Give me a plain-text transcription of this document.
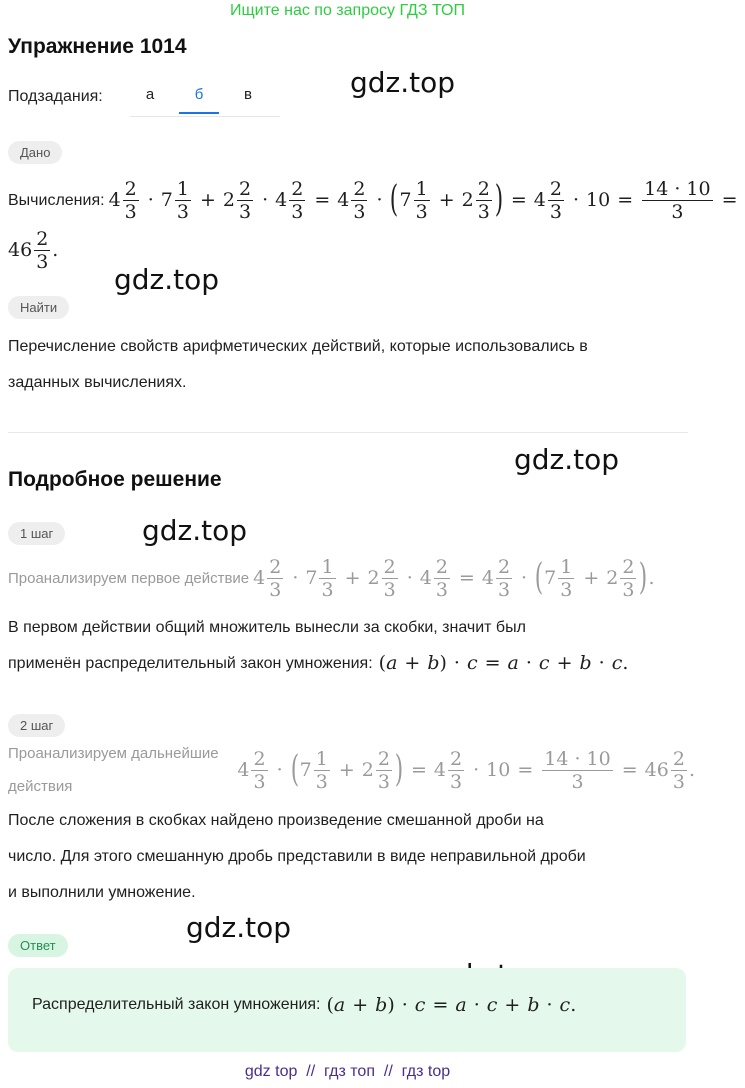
Ищите нас по запросу ГДЗ ТОП
Упражнение 1014
Подзадания:	а	б	в	gdz.top
gdz.top
gdz.top
gdz.top
gdz.top
Дано
Вычисления: $4 \frac{2}{3} \cdot 7 \frac{1}{3} + 2 \frac{2}{3} \cdot 4 \frac{2}{3} = 4 \frac{2}{3}$ · ( $7 \frac{1}{3} + 2 \frac{2}{3}$ ) = $4 \frac{2}{3} \cdot 10 = \frac{14 \cdot 10}{3}$ =
$46 \frac{2}{3}$ .
Найти
Перечисление свойств арифметических действий, которые использовались в
заданных вычислениях.
Подробное решение
1 шаг
Проанализируем первое действие $4 \frac{2}{3} \cdot 7 \frac{1}{3} + 2 \frac{2}{3} \cdot 4 \frac{2}{3} = 4 \frac{2}{3}$ · ( $7 \frac{1}{3} + 2 \frac{2}{3}$ ) .
В первом действии общий множитель вынесли за скобки, значит был
применён распределительный закон умножения: ( a + b ) · c = a · c + b · c .
2 шаг
Проанализируем дальнейшие действия
$4 \frac{2}{3}$ · ( $7 \frac{1}{3} + 2 \frac{2}{3}$ ) = $4 \frac{2}{3} \cdot 10 = \frac{14 \cdot 10}{3} = 46 \frac{2}{3}$ .
После сложения в скобках найдено произведение смешанной дроби на
число. Для этого смешанную дробь представили в виде неправильной дроби
и выполнили умножение.
Ответ
Распределительный закон умножения: ( a + b ) · c = a · c + b · c .
gdz top  //  гдз топ  //  гдз top
